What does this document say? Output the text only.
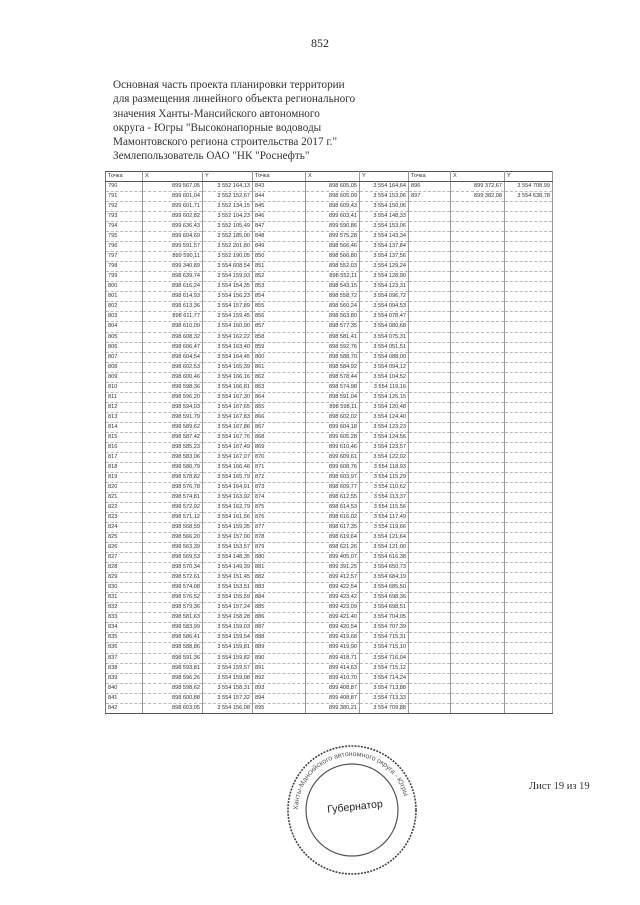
852
Основная часть проекта планировки территории
для размещения линейного объекта регионального
значения Ханты-Мансийского автономного
округа - Югры "Высоконапорные водоводы
Мамонтовского региона строительства 2017 г."
Землепользователь ОАО "НК "Роснефть"
Точка	X	Y	Точка	X	Y	Точка	X	Y
790	899 567,05	3 552 164,13	843	898 605,05	3 554 164,64	896	899 372,67	3 554 708,99
791	899 601,04	3 552 152,67	844	898 605,09	3 554 153,06	897	899 382,08	3 554 638,78
792	899 601,71	3 552 134,15	845	898 609,43	3 554 150,06			
793	899 602,82	3 552 104,23	846	899 603,41	3 554 148,33			
794	899 636,43	3 552 105,49	847	899 590,86	3 554 153,06			
795	899 604,69	3 552 185,00	848	899 575,28	3 554 143,34			
796	899 591,57	3 552 201,80	849	898 566,46	3 554 137,84			
797	899 590,11	3 552 190,05	850	898 566,80	3 554 137,56			
798	899 340,89	3 554 608,54	851	898 552,03	3 554 129,24			
799	898 639,74	3 554 159,93	852	898 552,11	3 554 128,90			
800	898 616,24	3 554 154,35	853	898 543,15	3 554 123,31			
801	898 614,93	3 554 156,23	854	898 558,72	3 554 096,72			
802	898 613,36	3 554 157,89	855	898 560,24	3 554 094,53			
803	898 611,77	3 554 159,45	856	898 563,80	3 554 078,47			
804	898 610,09	3 554 160,90	857	898 577,35	3 554 080,68			
805	898 608,32	3 554 162,22	858	898 581,41	3 554 075,31			
806	898 606,47	3 554 163,40	859	898 592,76	3 554 051,51			
807	898 604,54	3 554 164,45	860	898 588,70	3 554 088,00			
808	898 602,53	3 554 165,39	861	898 584,92	3 554 094,12			
809	898 600,46	3 554 166,16	862	898 578,44	3 554 104,52			
810	898 598,36	3 554 166,81	863	898 574,98	3 554 119,16			
811	898 596,20	3 554 167,30	864	898 591,04	3 554 125,15			
812	898 594,03	3 554 167,65	865	898 598,11	3 554 120,48			
813	898 591,79	3 554 167,83	866	898 602,02	3 554 124,40			
814	898 589,62	3 554 167,86	867	899 604,18	3 554 123,23			
815	898 587,42	3 554 167,76	868	899 605,28	3 554 124,56			
816	898 585,23	3 554 167,49	869	899 610,46	3 554 123,57			
817	898 583,06	3 554 167,07	870	899 609,61	3 554 122,02			
818	898 580,79	3 554 166,46	871	899 608,76	3 554 118,93			
819	898 578,82	3 554 165,79	872	898 603,97	3 554 115,29			
820	898 576,78	3 554 164,91	873	898 609,77	3 554 110,62			
821	898 574,81	3 554 163,92	874	898 612,55	3 554 113,37			
822	898 572,92	3 554 162,79	875	898 614,53	3 554 115,56			
823	898 571,12	3 554 161,56	876	898 616,02	3 554 117,49			
824	898 568,59	3 554 159,35	877	898 617,35	3 554 119,66			
825	898 566,20	3 554 157,00	878	898 619,64	3 554 121,64			
826	898 563,39	3 554 153,57	879	898 621,26	3 554 121,00			
827	898 569,53	3 554 148,35	880	899 405,07	3 554 616,38			
828	898 570,34	3 554 149,39	881	899 391,25	3 554 650,73			
829	898 572,61	3 554 151,45	882	899 412,57	3 554 684,19			
830	898 574,08	3 554 153,51	883	899 422,54	3 554 685,50			
831	898 576,52	3 554 155,59	884	899 423,42	3 554 698,36			
832	898 579,36	3 554 157,24	885	899 423,09	3 554 698,51			
833	898 581,63	3 554 158,28	886	899 421,40	3 554 704,05			
834	898 583,99	3 554 159,03	887	899 420,54	3 554 707,39			
835	898 586,41	3 554 159,54	888	899 419,68	3 554 715,31			
836	898 588,86	3 554 159,81	889	899 419,90	3 554 715,10			
837	898 591,36	3 554 159,82	890	899 418,71	3 554 716,04			
838	898 593,81	3 554 159,57	891	899 414,63	3 554 715,12			
839	898 596,26	3 554 159,08	892	899 410,70	3 554 714,24			
840	898 598,62	3 554 158,31	893	899 408,87	3 554 713,88			
841	898 600,88	3 554 157,32	894	899 408,87	3 554 713,33			
842	898 603,05	3 554 156,08	895	899 380,21	3 554 709,88			
Лист 19 из 19
Ханты-Мансийского автономного округа - Югры
Губернатор
